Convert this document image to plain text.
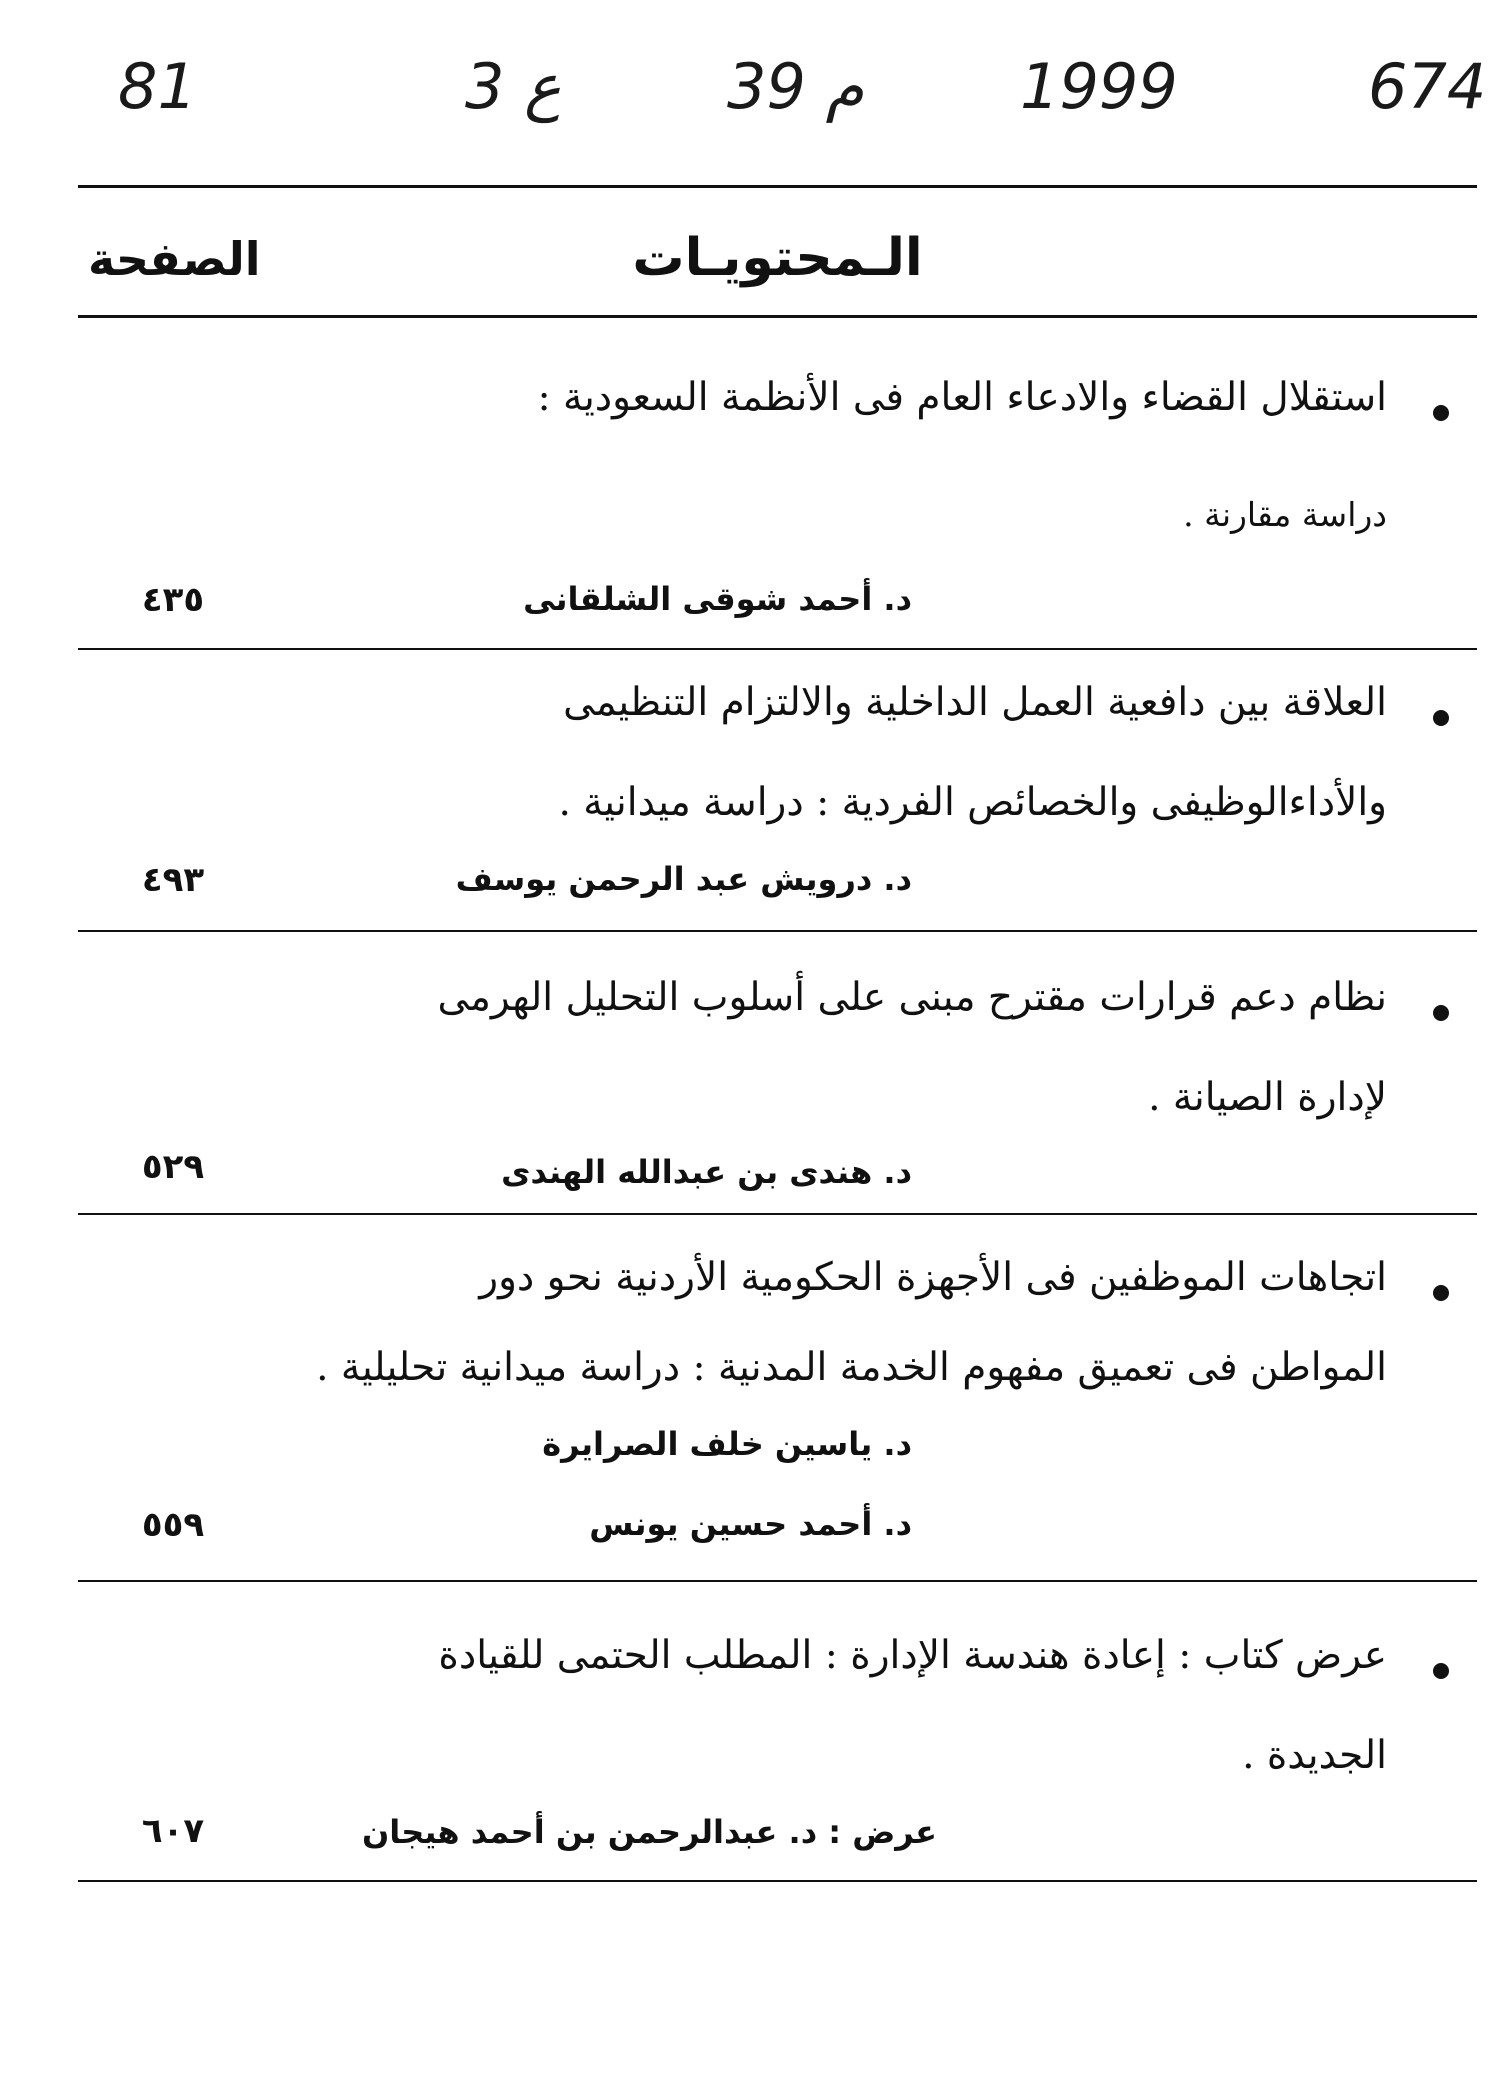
81	3 ع	39 م	1999	674
الـمحتويـات
الصفحة
استقلال القضاء والادعاء العام فى الأنظمة السعودية :
دراسة مقارنة .
د. أحمد شوقى الشلقانى
٤٣٥
العلاقة بين دافعية العمل الداخلية والالتزام التنظيمى
والأداءالوظيفى والخصائص الفردية : دراسة ميدانية .
د. درويش عبد الرحمن يوسف
٤٩٣
نظام دعم قرارات مقترح مبنى على أسلوب التحليل الهرمى
لإدارة الصيانة .
د. هندى بن عبدالله الهندى
٥٢٩
اتجاهات الموظفين فى الأجهزة الحكومية الأردنية نحو دور
المواطن فى تعميق مفهوم الخدمة المدنية : دراسة ميدانية تحليلية .
د. ياسين خلف الصرايرة
د. أحمد حسين يونس
٥٥٩
عرض كتاب : إعادة هندسة الإدارة : المطلب الحتمى للقيادة
الجديدة .
عرض : د. عبدالرحمن بن أحمد هيجان
٦٠٧
